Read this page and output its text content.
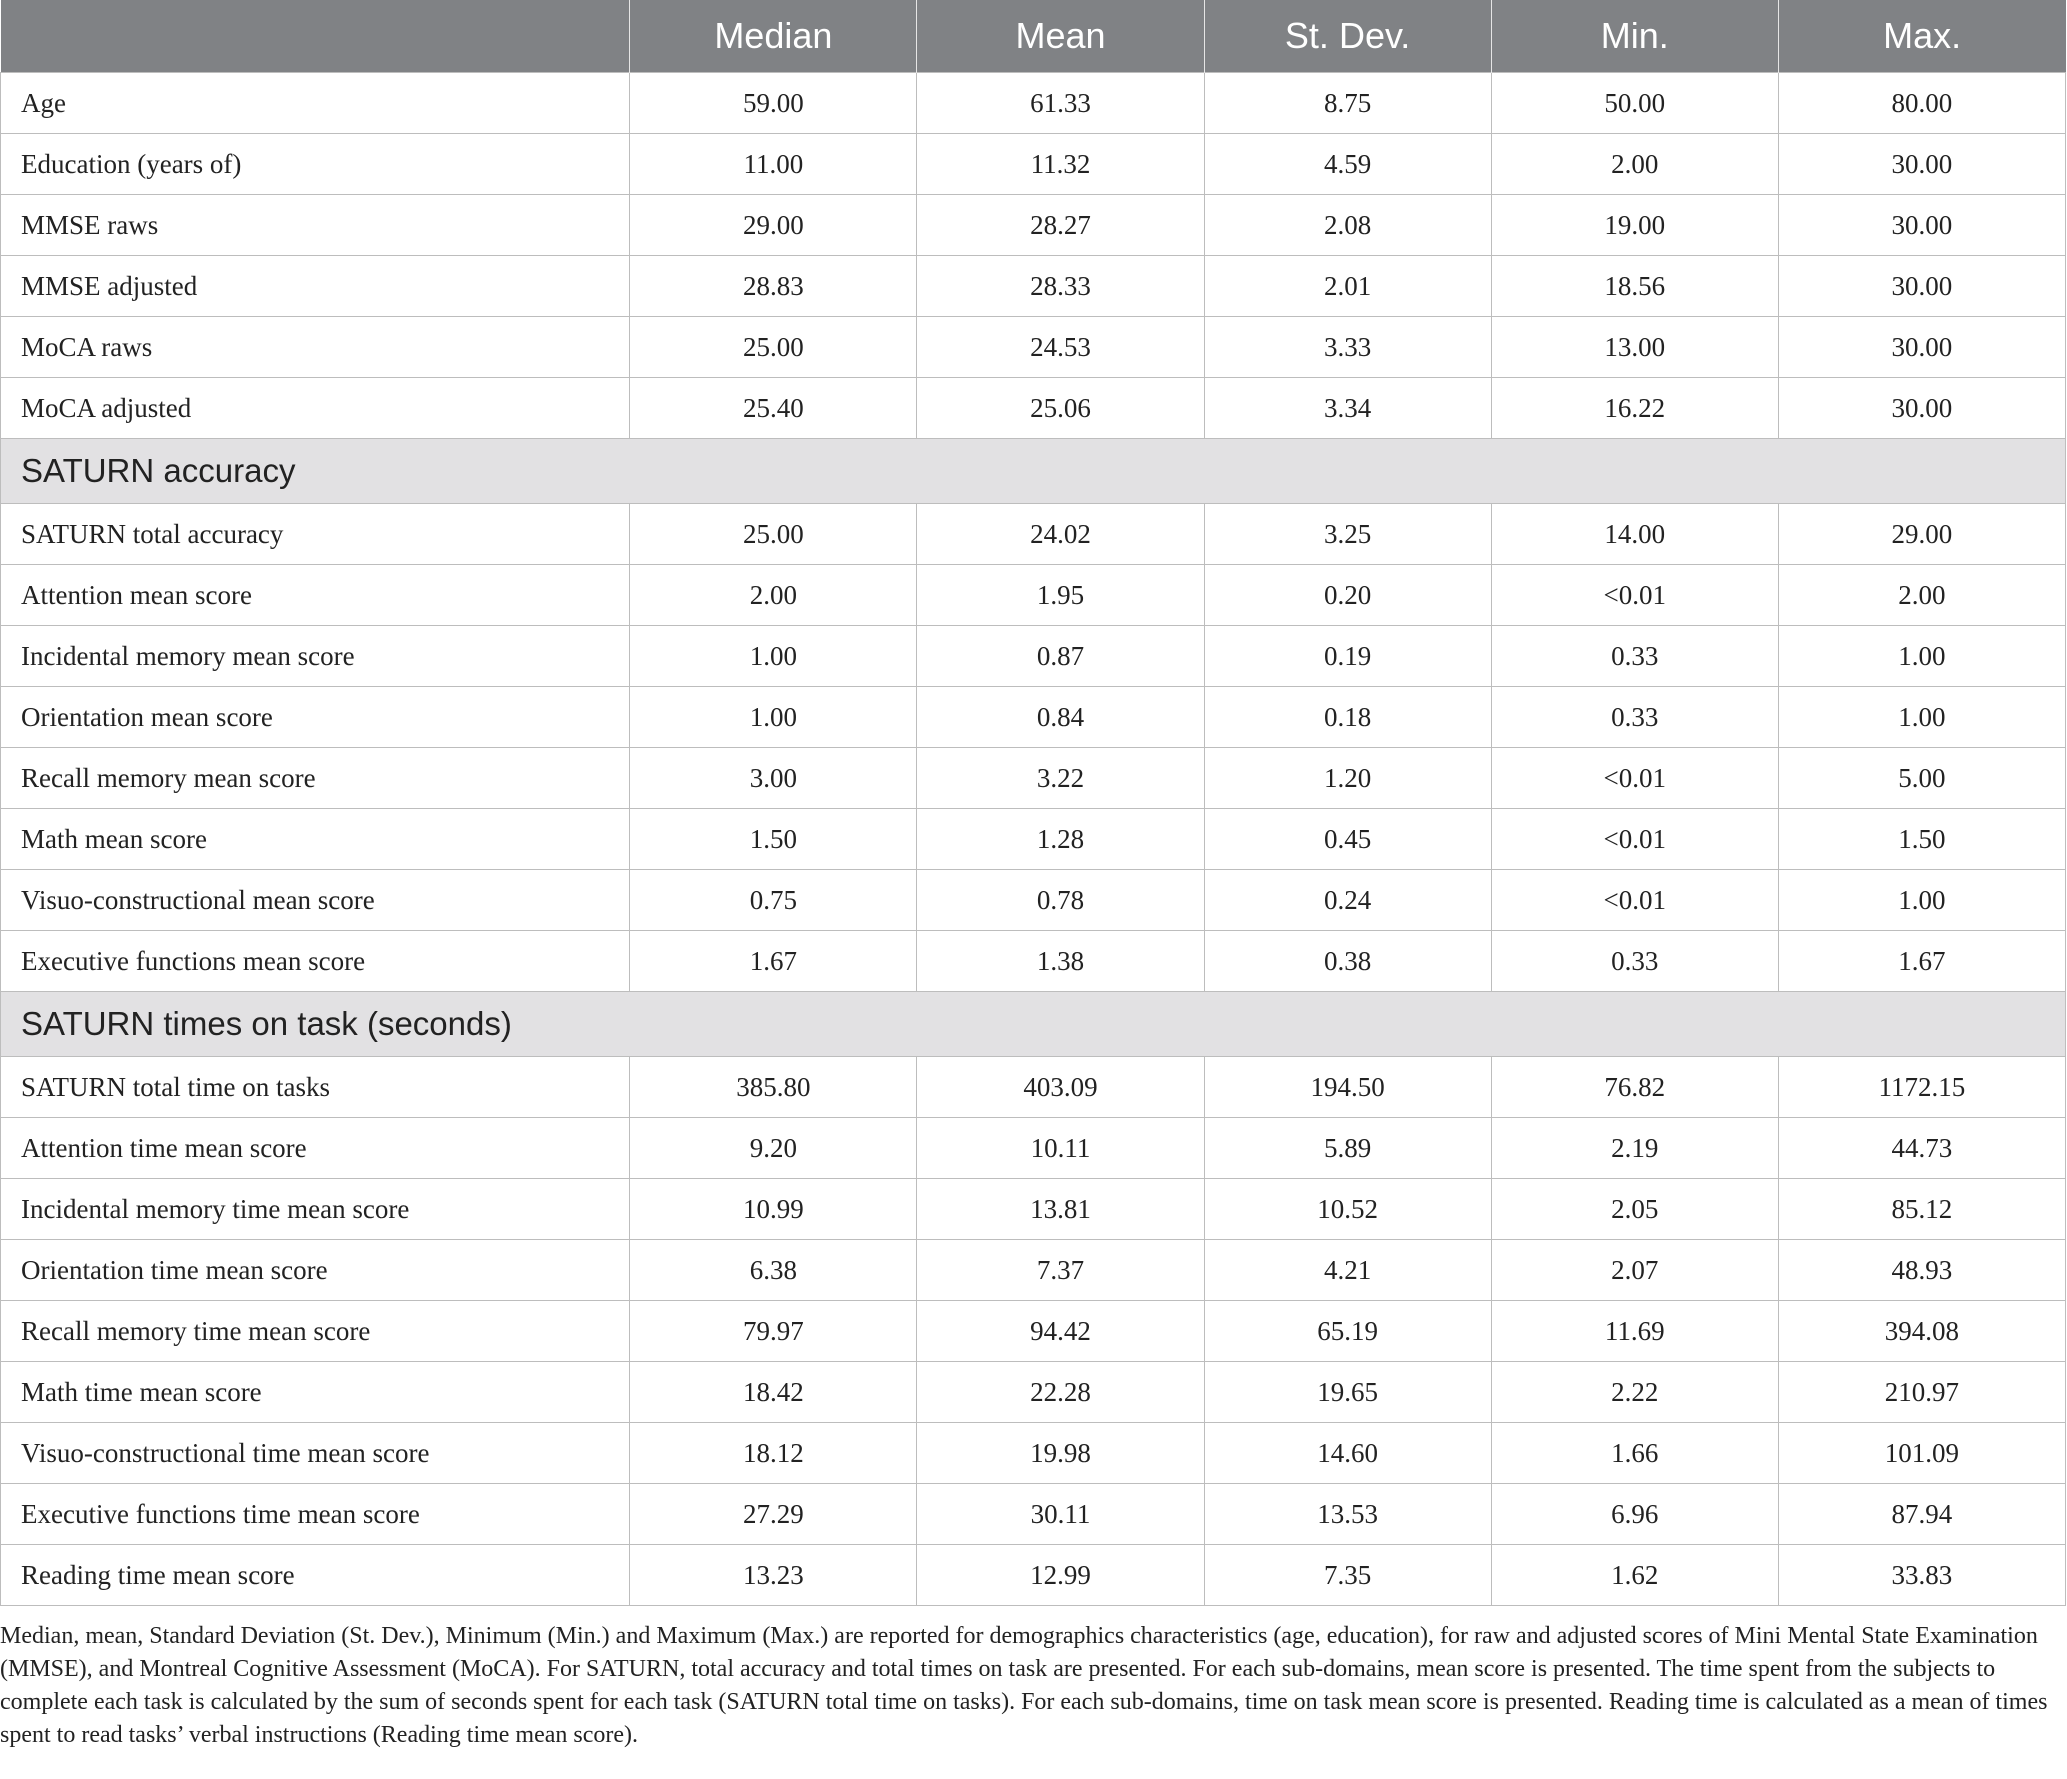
	Median	Mean	St. Dev.	Min.	Max.
Age	59.00	61.33	8.75	50.00	80.00
Education (years of)	11.00	11.32	4.59	2.00	30.00
MMSE raws	29.00	28.27	2.08	19.00	30.00
MMSE adjusted	28.83	28.33	2.01	18.56	30.00
MoCA raws	25.00	24.53	3.33	13.00	30.00
MoCA adjusted	25.40	25.06	3.34	16.22	30.00
SATURN accuracy					
SATURN total accuracy	25.00	24.02	3.25	14.00	29.00
Attention mean score	2.00	1.95	0.20	<0.01	2.00
Incidental memory mean score	1.00	0.87	0.19	0.33	1.00
Orientation mean score	1.00	0.84	0.18	0.33	1.00
Recall memory mean score	3.00	3.22	1.20	<0.01	5.00
Math mean score	1.50	1.28	0.45	<0.01	1.50
Visuo-constructional mean score	0.75	0.78	0.24	<0.01	1.00
Executive functions mean score	1.67	1.38	0.38	0.33	1.67
SATURN times on task (seconds)					
SATURN total time on tasks	385.80	403.09	194.50	76.82	1172.15
Attention time mean score	9.20	10.11	5.89	2.19	44.73
Incidental memory time mean score	10.99	13.81	10.52	2.05	85.12
Orientation time mean score	6.38	7.37	4.21	2.07	48.93
Recall memory time mean score	79.97	94.42	65.19	11.69	394.08
Math time mean score	18.42	22.28	19.65	2.22	210.97
Visuo-constructional time mean score	18.12	19.98	14.60	1.66	101.09
Executive functions time mean score	27.29	30.11	13.53	6.96	87.94
Reading time mean score	13.23	12.99	7.35	1.62	33.83

Median, mean, Standard Deviation (St. Dev.), Minimum (Min.) and Maximum (Max.) are reported for demographics characteristics (age, education), for raw and adjusted scores of Mini Mental State Examination (MMSE), and Montreal Cognitive Assessment (MoCA). For SATURN, total accuracy and total times on task are presented. For each sub-domains, mean score is presented. The time spent from the subjects to complete each task is calculated by the sum of seconds spent for each task (SATURN total time on tasks). For each sub-domains, time on task mean score is presented. Reading time is calculated as a mean of times spent to read tasks’ verbal instructions (Reading time mean score).
